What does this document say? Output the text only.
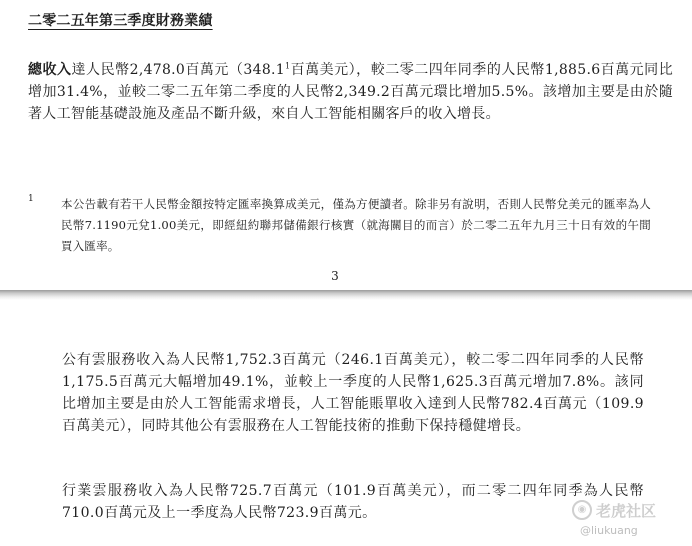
二零二五年第三季度財務業績
總收入達人民幣2,478.0百萬元（348.1$^1$百萬美元），較二零二四年同季的人民幣1,885.6百萬元同比增加31.4%，並較二零二五年第二季度的人民幣2,349.2百萬元環比增加5.5%。該增加主要是由於隨著人工智能基礎設施及產品不斷升級，來自人工智能相關客戶的收入增長。
1 本公告載有若干人民幣金額按特定匯率換算成美元，僅為方便讀者。除非另有說明，否則人民幣兌美元的匯率為人民幣7.1190元兌1.00美元，即經紐約聯邦儲備銀行核實（就海關目的而言）於二零二五年九月三十日有效的午間買入匯率。
3
公有雲服務收入為人民幣1,752.3百萬元（246.1百萬美元），較二零二四年同季的人民幣1,175.5百萬元大幅增加49.1%，並較上一季度的人民幣1,625.3百萬元增加7.8%。該同比增加主要是由於人工智能需求增長，人工智能賬單收入達到人民幣782.4百萬元（109.9百萬美元），同時其他公有雲服務在人工智能技術的推動下保持穩健增長。
行業雲服務收入為人民幣725.7百萬元（101.9百萬美元），而二零二四年同季為人民幣710.0百萬元及上一季度為人民幣723.9百萬元。	◉ 老虎社区
@liukuang
